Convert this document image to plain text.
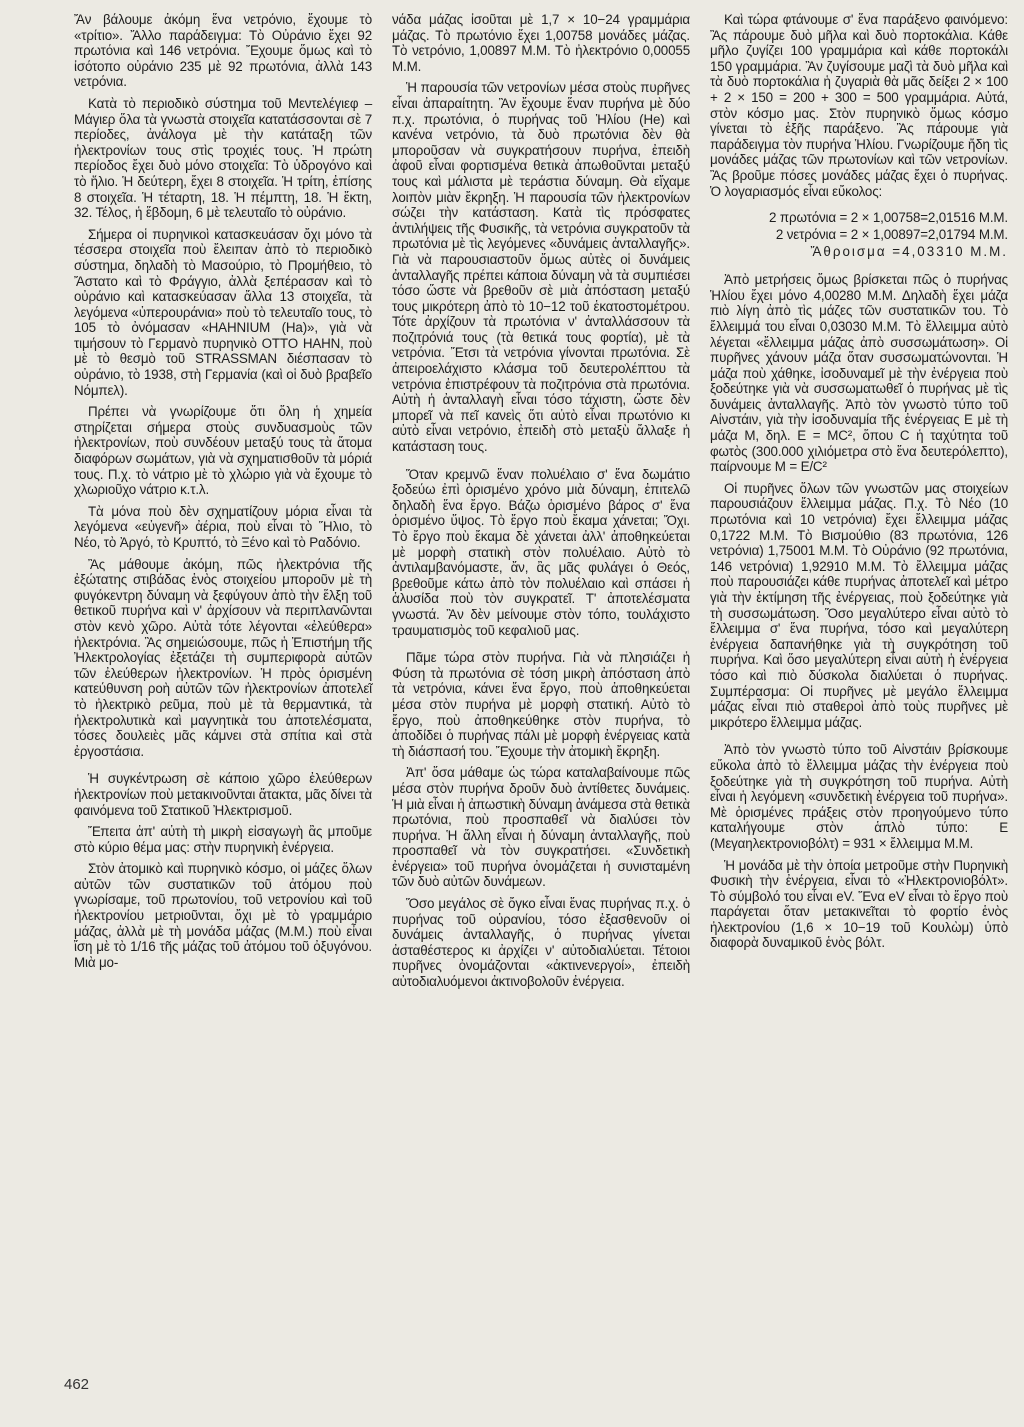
Ἄν βάλουμε ἀκόμη ἕνα νετρόνιο, ἔχουμε τὸ «τρίτιο». Ἄλλο παράδειγμα: Τὸ Οὐράνιο ἔχει 92 πρωτόνια καὶ 146 νετρόνια. Ἔχουμε ὅμως καὶ τὸ ἰσότοπο οὐράνιο 235 μὲ 92 πρωτόνια, ἀλλὰ 143 νετρόνια.

Κατὰ τὸ περιοδικὸ σύστημα τοῦ Μεντελέγιεφ – Μάγιερ ὅλα τὰ γνωστὰ στοιχεῖα κατατάσσονται σὲ 7 περίοδες, ἀνάλογα μὲ τὴν κατάταξη τῶν ἠλεκτρονίων τους στὶς τροχιές τους. Ἡ πρώτη περίοδος ἔχει δυὸ μόνο στοιχεῖα: Τὸ ὑδρογόνο καὶ τὸ ἥλιο. Ἡ δεύτερη, ἔχει 8 στοιχεῖα. Ἡ τρίτη, ἐπίσης 8 στοιχεῖα. Ἡ τέταρτη, 18. Ἡ πέμπτη, 18. Ἡ ἕκτη, 32. Τέλος, ἡ ἕβδομη, 6 μὲ τελευταῖο τὸ οὐράνιο.

Σήμερα οἱ πυρηνικοὶ κατασκευάσαν ὄχι μόνο τὰ τέσσερα στοιχεῖα ποὺ ἔλειπαν ἀπὸ τὸ περιοδικὸ σύστημα, δηλαδὴ τὸ Μασούριο, τὸ Προμήθειο, τὸ Ἄστατο καὶ τὸ Φράγγιο, ἀλλὰ ξεπέρασαν καὶ τὸ οὐράνιο καὶ κατασκεύασαν ἄλλα 13 στοιχεῖα, τὰ λεγόμενα «ὑπερουράνια» ποὺ τὸ τελευταῖο τους, τὸ 105 τὸ ὀνόμασαν «HAHNIUM (Ha)», γιὰ νὰ τιμήσουν τὸ Γερμανὸ πυρηνικὸ OTTO HAHN, ποὺ μὲ τὸ θεσμὸ τοῦ STRASSMAN διέσπασαν τὸ οὐράνιο, τὸ 1938, στὴ Γερμανία (καὶ οἱ δυὸ βραβεῖο Νόμπελ).

Πρέπει νὰ γνωρίζουμε ὅτι ὅλη ἡ χημεία στηρίζεται σήμερα στοὺς συνδυασμοὺς τῶν ἠλεκτρονίων, ποὺ συνδέουν μεταξύ τους τὰ ἄτομα διαφόρων σωμάτων, γιὰ νὰ σχηματισθοῦν τὰ μόριά τους. Π.χ. τὸ νάτριο μὲ τὸ χλώριο γιὰ νὰ ἔχουμε τὸ χλωριοῦχο νάτριο κ.τ.λ.

Τὰ μόνα ποὺ δὲν σχηματίζουν μόρια εἶναι τὰ λεγόμενα «εὐγενῆ» ἀέρια, ποὺ εἶναι τὸ Ἥλιο, τὸ Νέο, τὸ Ἀργό, τὸ Κρυπτό, τὸ Ξένο καὶ τὸ Ραδόνιο.

Ἂς μάθουμε ἀκόμη, πῶς ἠλεκτρόνια τῆς ἐξώτατης στιβάδας ἑνὸς στοιχείου μποροῦν μὲ τὴ φυγόκεντρη δύναμη νὰ ξεφύγουν ἀπὸ τὴν ἕλξη τοῦ θετικοῦ πυρήνα καὶ ν' ἀρχίσουν νὰ περιπλανῶνται στὸν κενὸ χῶρο. Αὐτὰ τότε λέγονται «ἐλεύθερα» ἠλεκτρόνια. Ἂς σημειώσουμε, πῶς ἡ Ἐπιστήμη τῆς Ἠλεκτρολογίας ἐξετάζει τὴ συμπεριφορὰ αὐτῶν τῶν ἐλεύθερων ἠλεκτρονίων. Ἡ πρὸς ὁρισμένη κατεύθυνση ροὴ αὐτῶν τῶν ἠλεκτρονίων ἀποτελεῖ τὸ ἠλεκτρικὸ ρεῦμα, ποὺ μὲ τὰ θερμαντικά, τὰ ἠλεκτρολυτικὰ καὶ μαγνητικὰ του ἀποτελέσματα, τόσες δουλειὲς μᾶς κάμνει στὰ σπίτια καὶ στὰ ἐργοστάσια.

Ἡ συγκέντρωση σὲ κάποιο χῶρο ἐλεύθερων ἠλεκτρονίων ποὺ μετακινοῦνται ἄτακτα, μᾶς δίνει τὰ φαινόμενα τοῦ Στατικοῦ Ἠλεκτρισμοῦ.

Ἔπειτα ἀπ' αὐτὴ τὴ μικρὴ εἰσαγωγὴ ἂς μποῦμε στὸ κύριο θέμα μας: στὴν πυρηνικὴ ἐνέργεια.

Στὸν ἀτομικὸ καὶ πυρηνικὸ κόσμο, οἱ μάζες ὅλων αὐτῶν τῶν συστατικῶν τοῦ ἀτόμου ποὺ γνωρίσαμε, τοῦ πρωτονίου, τοῦ νετρονίου καὶ τοῦ ἠλεκτρονίου μετριοῦνται, ὄχι μὲ τὸ γραμμάριο μάζας, ἀλλὰ μὲ τὴ μονάδα μάζας (Μ.Μ.) ποὺ εἶναι ἴση μὲ τὸ 1/16 τῆς μάζας τοῦ ἀτόμου τοῦ ὀξυγόνου. Μιὰ μο-

νάδα μάζας ἰσοῦται μὲ 1,7 × 10−24 γραμμάρια μάζας. Τὸ πρωτόνιο ἔχει 1,00758 μονάδες μάζας. Τὸ νετρόνιο, 1,00897 Μ.Μ. Τὸ ἠλεκτρόνιο 0,00055 Μ.Μ.

Ἡ παρουσία τῶν νετρονίων μέσα στοὺς πυρῆνες εἶναι ἀπαραίτητη. Ἂν ἔχουμε ἕναν πυρήνα μὲ δύο π.χ. πρωτόνια, ὁ πυρήνας τοῦ Ἡλίου (He) καὶ κανένα νετρόνιο, τὰ δυὸ πρωτόνια δὲν θὰ μποροῦσαν νὰ συγκρατήσουν πυρήνα, ἐπειδὴ ἀφοῦ εἶναι φορτισμένα θετικὰ ἀπωθοῦνται μεταξύ τους καὶ μάλιστα μὲ τεράστια δύναμη. Θὰ εἴχαμε λοιπὸν μιὰν ἔκρηξη. Ἡ παρουσία τῶν ἠλεκτρονίων σώζει τὴν κατάσταση. Κατὰ τὶς πρόσφατες ἀντιλήψεις τῆς Φυσικῆς, τὰ νετρόνια συγκρατοῦν τὰ πρωτόνια μὲ τὶς λεγόμενες «δυνάμεις ἀνταλλαγῆς». Γιὰ νὰ παρουσιαστοῦν ὅμως αὐτὲς οἱ δυνάμεις ἀνταλλαγῆς πρέπει κάποια δύναμη νὰ τὰ συμπιέσει τόσο ὥστε νὰ βρεθοῦν σὲ μιὰ ἀπόσταση μεταξύ τους μικρότερη ἀπὸ τὸ 10−12 τοῦ ἑκατοστομέτρου. Τότε ἀρχίζουν τὰ πρωτόνια ν' ἀνταλλάσσουν τὰ ποζιτρόνιά τους (τὰ θετικά τους φορτία), μὲ τὰ νετρόνια. Ἔτσι τὰ νετρόνια γίνονται πρωτόνια. Σὲ ἀπειροελάχιστο κλάσμα τοῦ δευτερολέπτου τὰ νετρόνια ἐπιστρέφουν τὰ ποζιτρόνια στὰ πρωτόνια. Αὐτὴ ἡ ἀνταλλαγὴ εἶναι τόσο τάχιστη, ὥστε δὲν μπορεῖ νὰ πεῖ κανεὶς ὅτι αὐτὸ εἶναι πρωτόνιο κι αὐτὸ εἶναι νετρόνιο, ἐπειδὴ στὸ μεταξὺ ἄλλαξε ἡ κατάσταση τους.

Ὅταν κρεμνῶ ἕναν πολυέλαιο σ' ἕνα δωμάτιο ξοδεύω ἐπὶ ὁρισμένο χρόνο μιὰ δύναμη, ἐπιτελῶ δηλαδὴ ἕνα ἔργο. Βάζω ὁρισμένο βάρος σ' ἕνα ὁρισμένο ὕψος. Τὸ ἔργο ποὺ ἔκαμα χάνεται; Ὄχι. Τὸ ἔργο ποὺ ἔκαμα δὲ χάνεται ἀλλ' ἀποθηκεύεται μὲ μορφὴ στατικὴ στὸν πολυέλαιο. Αὐτὸ τὸ ἀντιλαμβανόμαστε, ἄν, ἂς μᾶς φυλάγει ὁ Θεός, βρεθοῦμε κάτω ἀπὸ τὸν πολυέλαιο καὶ σπάσει ἡ ἁλυσίδα ποὺ τὸν συγκρατεῖ. Τ' ἀποτελέσματα γνωστά. Ἂν δὲν μείνουμε στὸν τόπο, τουλάχιστο τραυματισμὸς τοῦ κεφαλιοῦ μας.

Πᾶμε τώρα στὸν πυρήνα. Γιὰ νὰ πλησιάζει ἡ Φύση τὰ πρωτόνια σὲ τόση μικρὴ ἀπόσταση ἀπὸ τὰ νετρόνια, κάνει ἕνα ἔργο, ποὺ ἀποθηκεύεται μέσα στὸν πυρήνα μὲ μορφὴ στατική. Αὐτὸ τὸ ἔργο, ποὺ ἀποθηκεύθηκε στὸν πυρήνα, τὸ ἀποδίδει ὁ πυρήνας πάλι μὲ μορφὴ ἐνέργειας κατὰ τὴ διάσπασή του. Ἔχουμε τὴν ἀτομικὴ ἔκρηξη.

Ἀπ' ὅσα μάθαμε ὡς τώρα καταλαβαίνουμε πῶς μέσα στὸν πυρήνα δροῦν δυὸ ἀντίθετες δυνάμεις. Ἡ μιὰ εἶναι ἡ ἀπωστικὴ δύναμη ἀνάμεσα στὰ θετικὰ πρωτόνια, ποὺ προσπαθεῖ νὰ διαλύσει τὸν πυρήνα. Ἡ ἄλλη εἶναι ἡ δύναμη ἀνταλλαγῆς, ποὺ προσπαθεῖ νὰ τὸν συγκρατήσει. «Συνδετικὴ ἐνέργεια» τοῦ πυρήνα ὀνομάζεται ἡ συνισταμένη τῶν δυὸ αὐτῶν δυνάμεων.

Ὅσο μεγάλος σὲ ὄγκο εἶναι ἕνας πυρήνας π.χ. ὁ πυρήνας τοῦ οὐρανίου, τόσο ἐξασθενοῦν οἱ δυνάμεις ἀνταλλαγῆς, ὁ πυρήνας γίνεται ἀσταθέστερος κι ἀρχίζει ν' αὐτοδιαλύεται. Τέτοιοι πυρῆνες ὀνομάζονται «ἀκτινενεργοί», ἐπειδὴ αὐτοδιαλυόμενοι ἀκτινοβολοῦν ἐνέργεια.

Καὶ τώρα φτάνουμε σ' ἕνα παράξενο φαινόμενο: Ἂς πάρουμε δυὸ μῆλα καὶ δυὸ πορτοκάλια. Κάθε μῆλο ζυγίζει 100 γραμμάρια καὶ κάθε πορτοκάλι 150 γραμμάρια. Ἂν ζυγίσουμε μαζὶ τὰ δυὸ μῆλα καὶ τὰ δυὸ πορτοκάλια ἡ ζυγαριὰ θὰ μᾶς δείξει 2 × 100 + 2 × 150 = 200 + 300 = 500 γραμμάρια. Αὐτά, στὸν κόσμο μας. Στὸν πυρηνικὸ ὅμως κόσμο γίνεται τὸ ἑξῆς παράξενο. Ἂς πάρουμε γιὰ παράδειγμα τὸν πυρήνα Ἡλίου. Γνωρίζουμε ἤδη τὶς μονάδες μάζας τῶν πρωτονίων καὶ τῶν νετρονίων. Ἂς βροῦμε πόσες μονάδες μάζας ἔχει ὁ πυρήνας. Ὁ λογαριασμός εἶναι εὔκολος:

2 πρωτόνια = 2 × 1,00758=2,01516 Μ.Μ.
2 νετρόνια = 2 × 1,00897=2,01794 Μ.Μ.
Ἄθροισμα =4,03310 Μ.Μ.

Ἀπὸ μετρήσεις ὅμως βρίσκεται πῶς ὁ πυρήνας Ἡλίου ἔχει μόνο 4,00280 Μ.Μ. Δηλαδὴ ἔχει μάζα πιὸ λίγη ἀπὸ τὶς μάζες τῶν συστατικῶν του. Τὸ ἔλλειμμά του εἶναι 0,03030 Μ.Μ. Τὸ ἔλλειμμα αὐτὸ λέγεται «ἔλλειμμα μάζας ἀπὸ συσσωμάτωση». Οἱ πυρῆνες χάνουν μάζα ὅταν συσσωματώνονται. Ἡ μάζα ποὺ χάθηκε, ἰσοδυναμεῖ μὲ τὴν ἐνέργεια ποὺ ξοδεύτηκε γιὰ νὰ συσσωματωθεῖ ὁ πυρήνας μὲ τὶς δυνάμεις ἀνταλλαγῆς. Ἀπὸ τὸν γνωστὸ τύπο τοῦ Αἰνστάιν, γιὰ τὴν ἰσοδυναμία τῆς ἐνέργειας Ε μὲ τὴ μάζα Μ, δηλ. Ε = MC², ὅπου C ἡ ταχύτητα τοῦ φωτὸς (300.000 χιλιόμετρα στὸ ἕνα δευτερόλεπτο), παίρνουμε Μ = E/C²

Οἱ πυρῆνες ὅλων τῶν γνωστῶν μας στοιχείων παρουσιάζουν ἔλλειμμα μάζας. Π.χ. Τὸ Νέο (10 πρωτόνια καὶ 10 νετρόνια) ἔχει ἔλλειμμα μάζας 0,1722 Μ.Μ. Τὸ Βισμούθιο (83 πρωτόνια, 126 νετρόνια) 1,75001 Μ.Μ. Τὸ Οὐράνιο (92 πρωτόνια, 146 νετρόνια) 1,92910 Μ.Μ. Τὸ ἔλλειμμα μάζας ποὺ παρουσιάζει κάθε πυρήνας ἀποτελεῖ καὶ μέτρο γιὰ τὴν ἐκτίμηση τῆς ἐνέργειας, ποὺ ξοδεύτηκε γιὰ τὴ συσσωμάτωση. Ὅσο μεγαλύτερο εἶναι αὐτὸ τὸ ἔλλειμμα σ' ἕνα πυρήνα, τόσο καὶ μεγαλύτερη ἐνέργεια δαπανήθηκε γιὰ τὴ συγκρότηση τοῦ πυρήνα. Καὶ ὅσο μεγαλύτερη εἶναι αὐτὴ ἡ ἐνέργεια τόσο καὶ πιὸ δύσκολα διαλύεται ὁ πυρήνας. Συμπέρασμα: Οἱ πυρῆνες μὲ μεγάλο ἔλλειμμα μάζας εἶναι πιὸ σταθεροὶ ἀπὸ τοὺς πυρῆνες μὲ μικρότερο ἔλλειμμα μάζας.

Ἀπὸ τὸν γνωστὸ τύπο τοῦ Αἰνστάιν βρίσκουμε εὔκολα ἀπὸ τὸ ἔλλειμμα μάζας τὴν ἐνέργεια ποὺ ξοδεύτηκε γιὰ τὴ συγκρότηση τοῦ πυρήνα. Αὐτὴ εἶναι ἡ λεγόμενη «συνδετικὴ ἐνέργεια τοῦ πυρήνα». Μὲ ὁρισμένες πράξεις στὸν προηγούμενο τύπο καταλήγουμε στὸν ἁπλὸ τύπο: Ε (Μεγαηλεκτρονιοβόλτ) = 931 × ἔλλειμμα Μ.Μ.

Ἡ μονάδα μὲ τὴν ὁποία μετροῦμε στὴν Πυρηνικὴ Φυσικὴ τὴν ἐνέργεια, εἶναι τὸ «Ἠλεκτρονιοβόλτ». Τὸ σύμβολό του εἶναι eV. Ἕνα eV εἶναι τὸ ἔργο ποὺ παράγεται ὅταν μετακινεῖται τὸ φορτίο ἑνὸς ἠλεκτρονίου (1,6 × 10−19 τοῦ Κουλὼμ) ὑπὸ διαφορὰ δυναμικοῦ ἑνὸς βόλτ.

462
